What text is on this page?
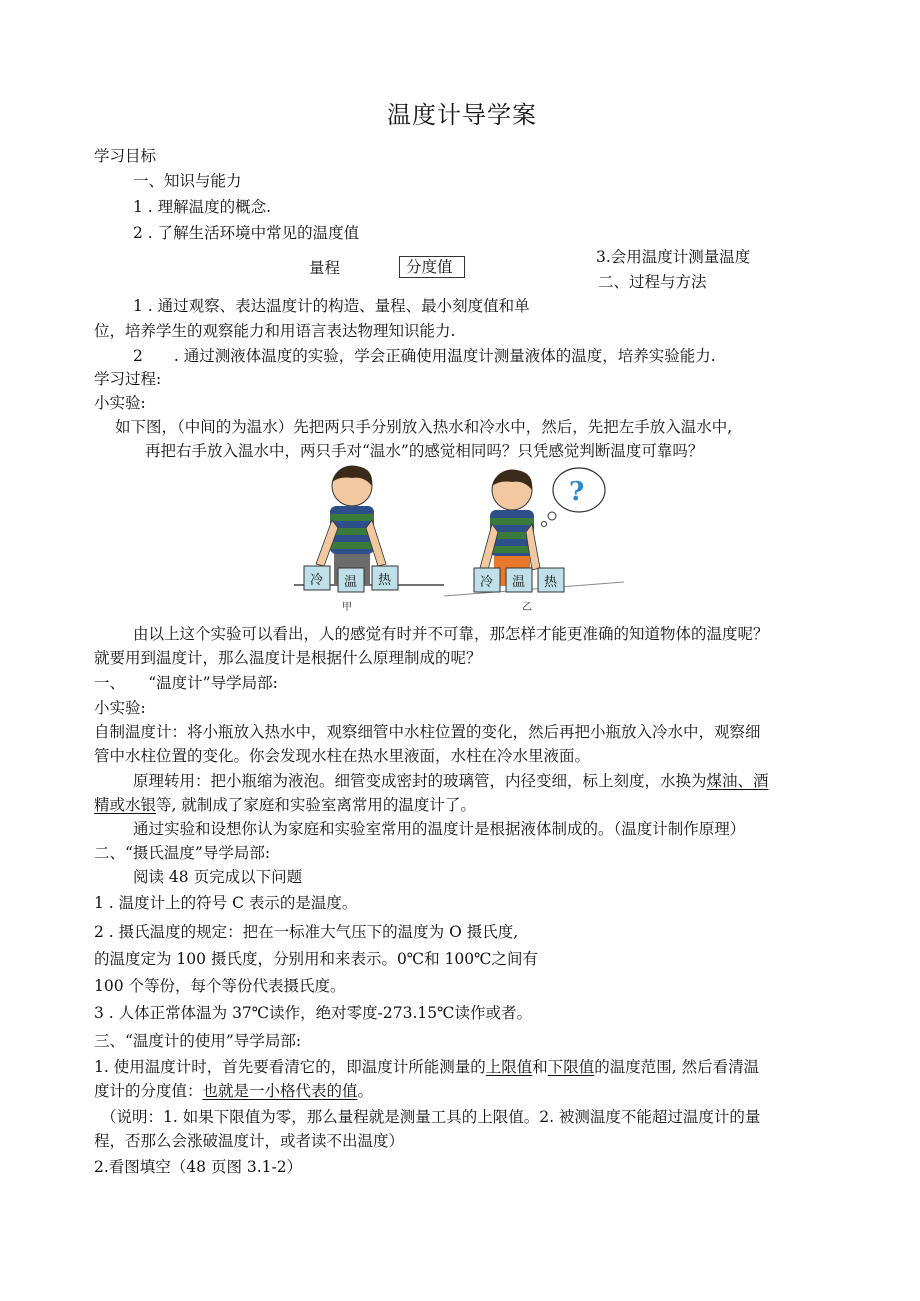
温度计导学案
学习目标
一、知识与能力
1 . 理解温度的概念.
2 . 了解生活环境中常见的温度值
量程	分度值
3.会用温度计测量温度
二、过程与方法
1 . 通过观察、表达温度计的构造、量程、最小刻度值和单
位，培养学生的观察能力和用语言表达物理知识能力.
2　　. 通过测液体温度的实验，学会正确使用温度计测量液体的温度，培养实验能力.
学习过程:
小实验:
如下图，（中间的为温水）先把两只手分别放入热水和冷水中，然后，先把左手放入温水中,
再把右手放入温水中，两只手对“温水”的感觉相同吗？只凭感觉判断温度可靠吗？
冷 温 热
甲
?
冷 温 热
乙
由以上这个实验可以看出，人的感觉有时并不可靠，那怎样才能更准确的知道物体的温度呢？
就要用到温度计，那么温度计是根据什么原理制成的呢？
一、　　“温度计”导学局部:
小实验:
自制温度计：将小瓶放入热水中，观察细管中水柱位置的变化，然后再把小瓶放入冷水中，观察细
管中水柱位置的变化。你会发现水柱在热水里液面，水柱在冷水里液面。
原理转用：把小瓶缩为液泡。细管变成密封的玻璃管，内径变细，标上刻度，水换为煤油、酒
精或水银等, 就制成了家庭和实验室离常用的温度计了。
通过实验和设想你认为家庭和实验室常用的温度计是根据液体制成的。（温度计制作原理）
二、“摄氏温度”导学局部:
阅读 48 页完成以下问题
1 . 温度计上的符号 C 表示的是温度。
2 . 摄氏温度的规定：把在一标准大气压下的温度为 O 摄氏度,
的温度定为 100 摄氏度，分别用和来表示。0℃和 100℃之间有
100 个等份，每个等份代表摄氏度。
3 . 人体正常体温为 37℃读作，绝对零度-273.15℃读作或者。
三、“温度计的使用”导学局部:
1. 使用温度计时，首先要看清它的，即温度计所能测量的上限值和下限值的温度范围, 然后看清温
度计的分度值：也就是一小格代表的值。
（说明：1. 如果下限值为零，那么量程就是测量工具的上限值。2. 被测温度不能超过温度计的量
程，否那么会涨破温度计，或者读不出温度）
2.看图填空（48 页图 3.1-2）
